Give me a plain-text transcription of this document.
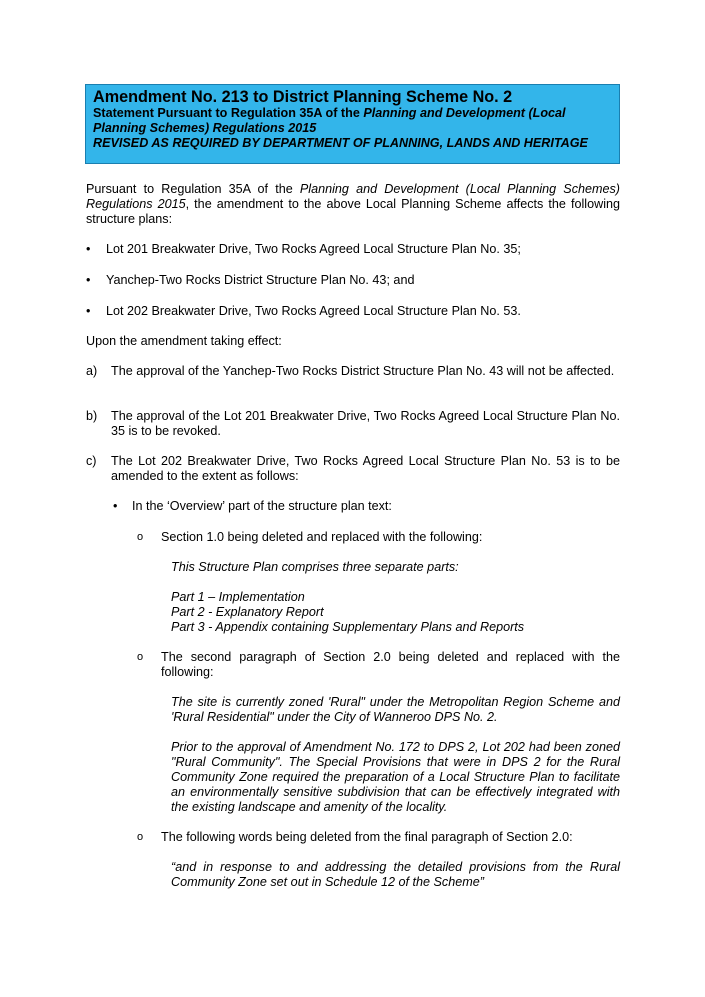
Amendment No. 213 to District Planning Scheme No. 2
Statement Pursuant to Regulation 35A of the Planning and Development (Local
Planning Schemes) Regulations 2015
REVISED AS REQUIRED BY DEPARTMENT OF PLANNING, LANDS AND HERITAGE
Pursuant to Regulation 35A of the Planning and Development (Local Planning Schemes) Regulations 2015, the amendment to the above Local Planning Scheme affects the following structure plans:
• Lot 201 Breakwater Drive, Two Rocks Agreed Local Structure Plan No. 35;
• Yanchep-Two Rocks District Structure Plan No. 43; and
• Lot 202 Breakwater Drive, Two Rocks Agreed Local Structure Plan No. 53.
Upon the amendment taking effect:
a) The approval of the Yanchep-Two Rocks District Structure Plan No. 43 will not be affected.
b) The approval of the Lot 201 Breakwater Drive, Two Rocks Agreed Local Structure Plan No. 35 is to be revoked.
c) The Lot 202 Breakwater Drive, Two Rocks Agreed Local Structure Plan No. 53 is to be amended to the extent as follows:
• In the ‘Overview’ part of the structure plan text:
o Section 1.0 being deleted and replaced with the following:
This Structure Plan comprises three separate parts:
Part 1 – Implementation
Part 2 - Explanatory Report
Part 3 - Appendix containing Supplementary Plans and Reports
o The second paragraph of Section 2.0 being deleted and replaced with the following:
The site is currently zoned 'Rural" under the Metropolitan Region Scheme and 'Rural Residential" under the City of Wanneroo DPS No. 2.
Prior to the approval of Amendment No. 172 to DPS 2, Lot 202 had been zoned "Rural Community". The Special Provisions that were in DPS 2 for the Rural Community Zone required the preparation of a Local Structure Plan to facilitate an environmentally sensitive subdivision that can be effectively integrated with the existing landscape and amenity of the locality.
o The following words being deleted from the final paragraph of Section 2.0:
“and in response to and addressing the detailed provisions from the Rural Community Zone set out in Schedule 12 of the Scheme”
